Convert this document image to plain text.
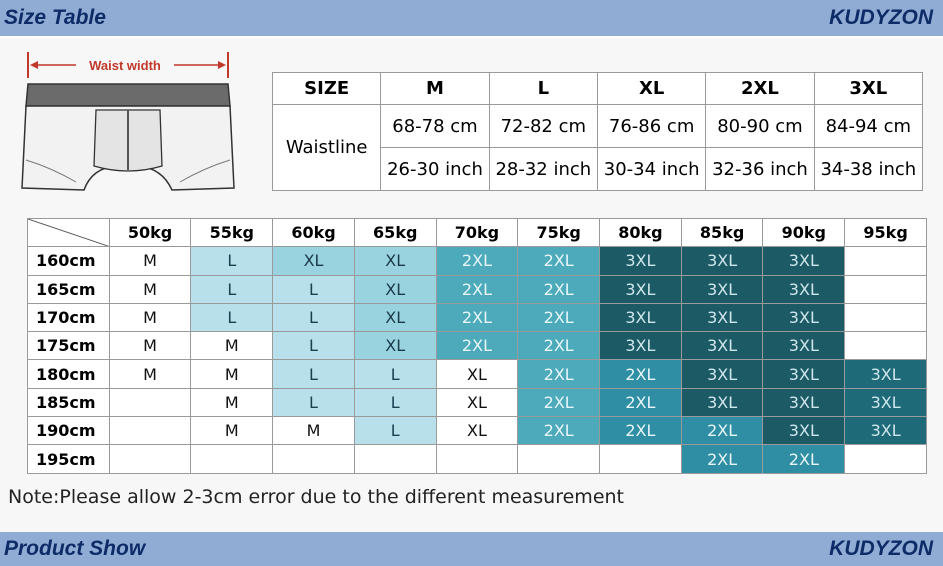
Size Table	KUDYZON
Waist width
SIZE	M	L	XL	2XL	3XL
Waistline	68-78 cm	72-82 cm	76-86 cm	80-90 cm	84-94 cm
	26-30 inch	28-32 inch	30-34 inch	32-36 inch	34-38 inch
	50kg	55kg	60kg	65kg	70kg	75kg	80kg	85kg	90kg	95kg
160cm	M	L	XL	XL	2XL	2XL	3XL	3XL	3XL	
165cm	M	L	L	XL	2XL	2XL	3XL	3XL	3XL	
170cm	M	L	L	XL	2XL	2XL	3XL	3XL	3XL	
175cm	M	M	L	XL	2XL	2XL	3XL	3XL	3XL	
180cm	M	M	L	L	XL	2XL	2XL	3XL	3XL	3XL
185cm		M	L	L	XL	2XL	2XL	3XL	3XL	3XL
190cm		M	M	L	XL	2XL	2XL	2XL	3XL	3XL
195cm								2XL	2XL	
Note:Please allow 2-3cm error due to the different measurement
Product Show	KUDYZON
